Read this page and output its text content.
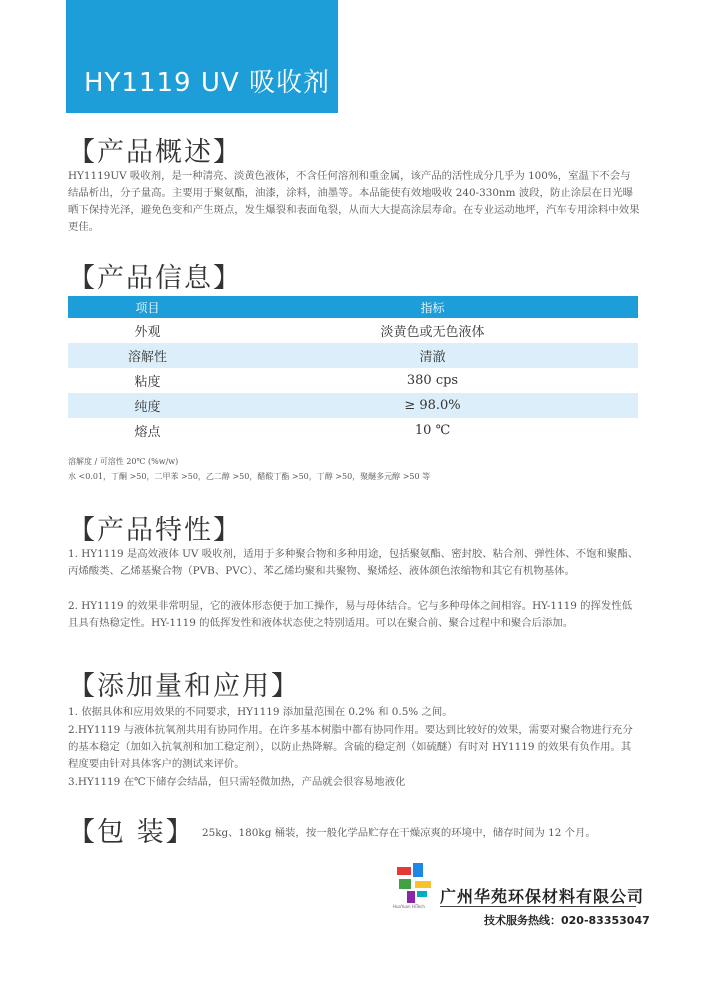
HY1119 UV 吸收剂
【产品概述】
HY1119UV 吸收剂，是一种清亮、淡黄色液体，不含任何溶剂和重金属，该产品的活性成分几乎为 100%，室温下不会与结晶析出，分子量高。主要用于聚氨酯，油漆，涂料，油墨等。本品能使有效地吸收 240-330nm 波段，防止涂层在日光曝晒下保持光泽，避免色变和产生斑点，发生爆裂和表面龟裂，从而大大提高涂层寿命。在专业运动地坪，汽车专用涂料中效果更佳。
【产品信息】
项目	指标
外观	淡黄色或无色液体
溶解性	清澈
粘度	380 cps
纯度	≥ 98.0%
熔点	10 ℃
溶解度 / 可溶性 20℃ (%w/w)
水 <0.01，丁酮 >50，二甲苯 >50，乙二醇 >50，醋酸丁酯 >50，丁醇 >50，聚醚多元醇 >50 等
【产品特性】
1. HY1119 是高效液体 UV 吸收剂，适用于多种聚合物和多种用途，包括聚氨酯、密封胶、粘合剂、弹性体、不饱和聚酯、丙烯酸类、乙烯基聚合物（PVB、PVC）、苯乙烯均聚和共聚物、聚烯烃、液体颜色浓缩物和其它有机物基体。
2. HY1119 的效果非常明显，它的液体形态便于加工操作，易与母体结合。它与多种母体之间相容。HY-1119 的挥发性低且具有热稳定性。HY-1119 的低挥发性和液体状态使之特别适用。可以在聚合前、聚合过程中和聚合后添加。
【添加量和应用】
1. 依据具体和应用效果的不同要求，HY1119 添加量范围在 0.2% 和 0.5% 之间。
2.HY1119 与液体抗氧剂共用有协同作用。在许多基本树脂中都有协同作用。要达到比较好的效果，需要对聚合物进行充分的基本稳定（加如入抗氧剂和加工稳定剂），以防止热降解。含硫的稳定剂（如硫醚）有时对 HY1119 的效果有负作用。其程度要由针对具体客户的测试来评价。
3.HY1119 在℃下储存会结晶，但只需轻微加热，产品就会很容易地液化
【包 装】 25kg、180kg 桶装，按一般化学品贮存在干燥凉爽的环境中，储存时间为 12 个月。
HuaYuan HiTech
广州华苑环保材料有限公司
技术服务热线：020-83353047
